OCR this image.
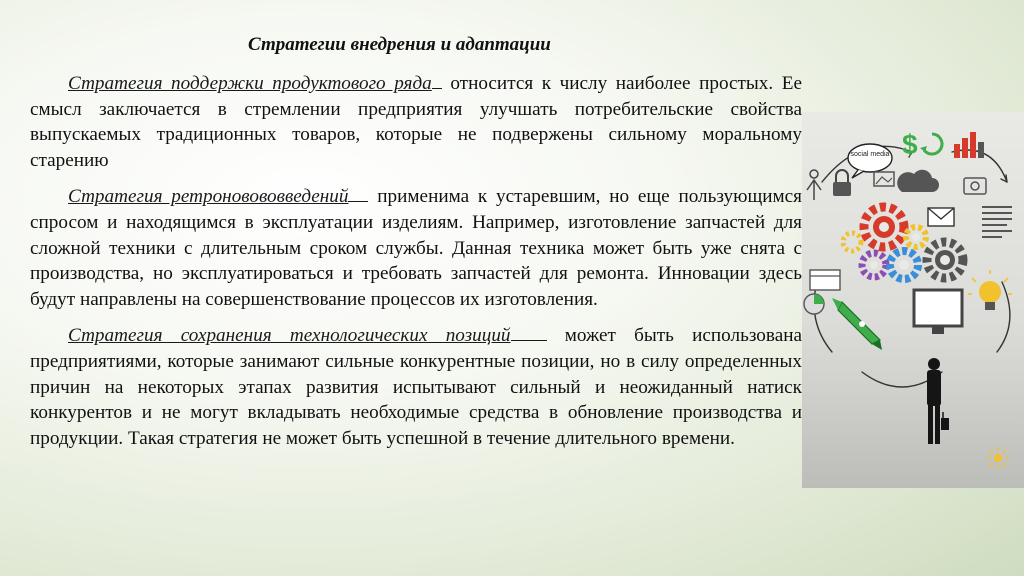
Стратегии внедрения и адаптации

Стратегия поддержки продуктового ряда относится к числу наиболее простых. Ее смысл заключается в стремлении предприятия улучшать потребительские свойства выпускаемых традиционных товаров, которые не подвержены сильному моральному старению

Стратегия ретроновововведений применима к устаревшим, но еще пользующимся спросом и находящимся в эксплуатации изделиям. Например, изготовление запчастей для сложной техники с длительным сроком службы. Данная техника может быть уже снята с производства, но эксплуатироваться и требовать запчастей для ремонта. Инновации здесь будут направлены на совершенствование процессов их изготовления.

Стратегия сохранения технологических позиций	может быть использована предприятиями, которые занимают сильные конкурентные позиции, но в силу определенных причин на некоторых этапах развития испытывают сильный и неожиданный натиск конкурентов и не могут вкладывать необходимые средства в обновление производства и продукции. Такая стратегия не может быть успешной в течение длительного времени.

social media $
